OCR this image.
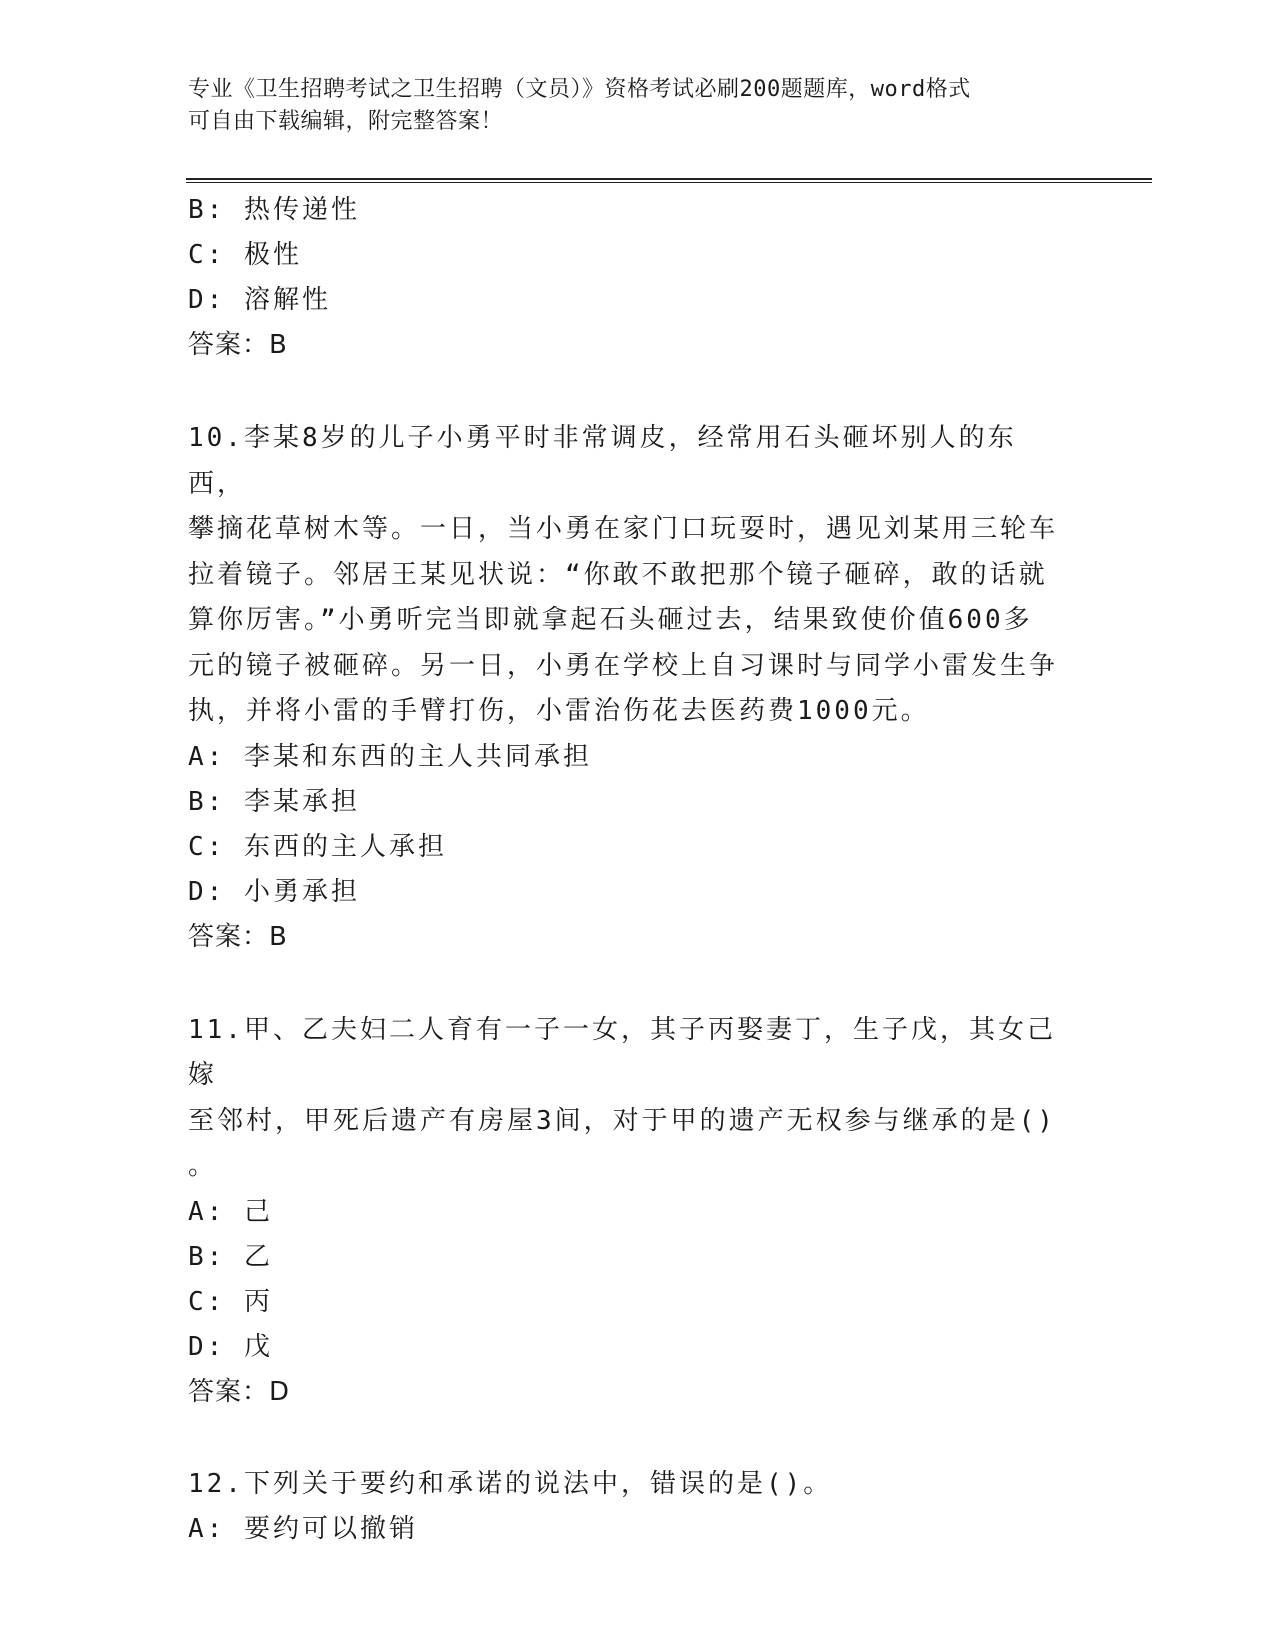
专业《卫生招聘考试之卫生招聘（文员）》资格考试必刷200题题库，word格式
可自由下载编辑，附完整答案！
B: 热传递性
C: 极性
D: 溶解性
答案：B
10.李某8岁的儿子小勇平时非常调皮，经常用石头砸坏别人的东西，
攀摘花草树木等。一日，当小勇在家门口玩耍时，遇见刘某用三轮车
拉着镜子。邻居王某见状说：“你敢不敢把那个镜子砸碎，敢的话就
算你厉害。”小勇听完当即就拿起石头砸过去，结果致使价值600多
元的镜子被砸碎。另一日，小勇在学校上自习课时与同学小雷发生争
执，并将小雷的手臂打伤，小雷治伤花去医药费1000元。
A: 李某和东西的主人共同承担
B: 李某承担
C: 东西的主人承担
D: 小勇承担
答案：B
11.甲、乙夫妇二人育有一子一女，其子丙娶妻丁，生子戊，其女己嫁
至邻村，甲死后遗产有房屋3间，对于甲的遗产无权参与继承的是()
。
A: 己
B: 乙
C: 丙
D: 戊
答案：D
12.下列关于要约和承诺的说法中，错误的是()。
A: 要约可以撤销
